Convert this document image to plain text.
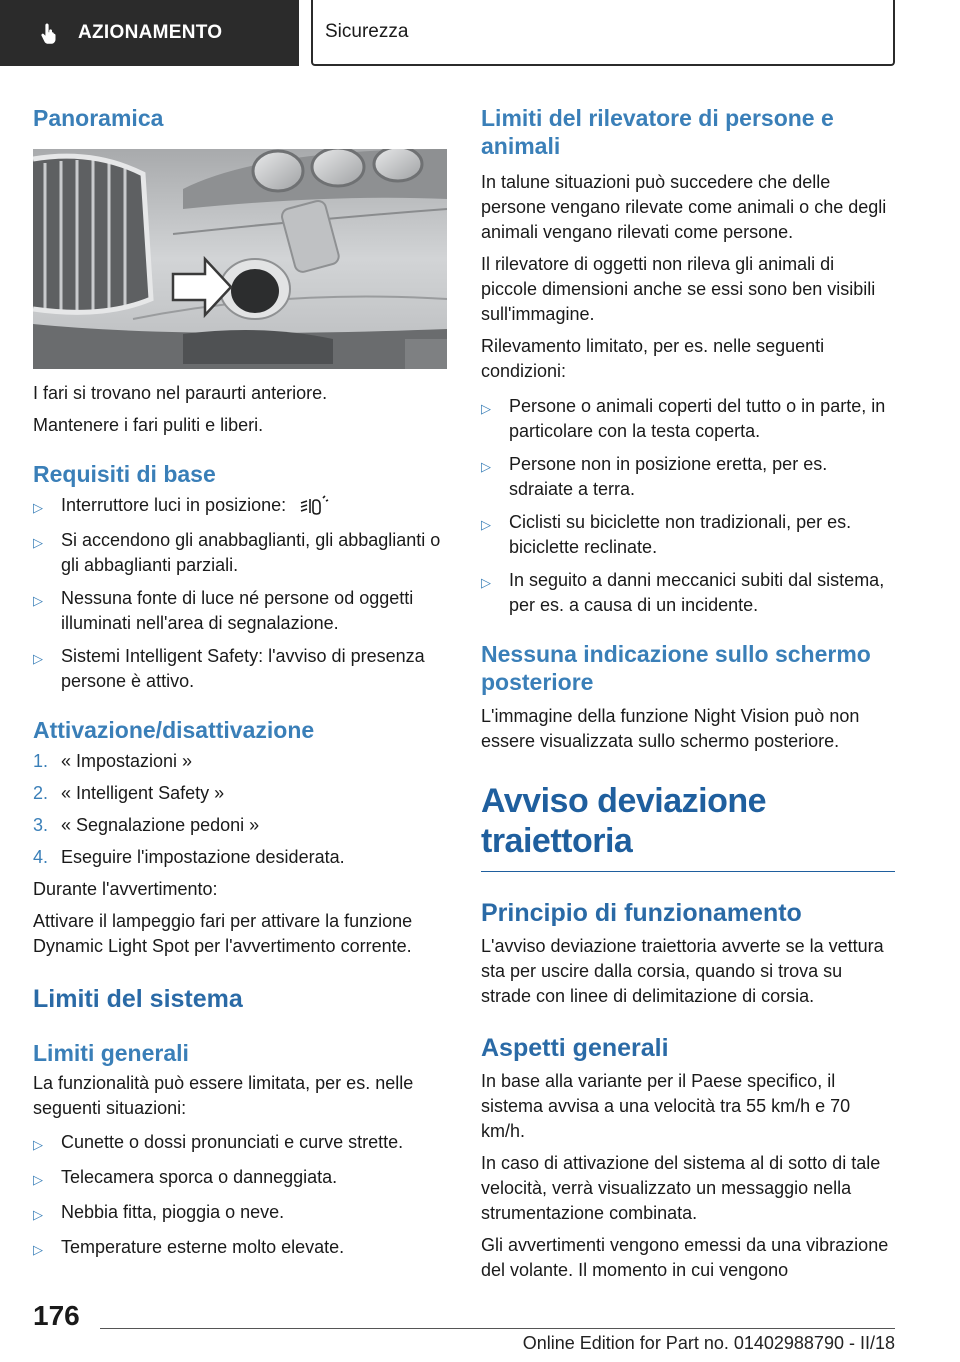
AZIONAMENTO	Sicurezza
Panoramica
I fari si trovano nel paraurti anteriore.
Mantenere i fari puliti e liberi.
Requisiti di base
▷	Interruttore luci in posizione:
▷	Si accendono gli anabbaglianti, gli abbaglianti o gli abbaglianti parziali.
▷	Nessuna fonte di luce né persone od oggetti illuminati nell'area di segnalazione.
▷	Sistemi Intelligent Safety: l'avviso di presenza persone è attivo.
Attivazione/disattivazione
1. « Impostazioni »
2. « Intelligent Safety »
3. « Segnalazione pedoni »
4. Eseguire l'impostazione desiderata.
Durante l'avvertimento:
Attivare il lampeggio fari per attivare la funzione Dynamic Light Spot per l'avvertimento corrente.
Limiti del sistema
Limiti generali
La funzionalità può essere limitata, per es. nelle seguenti situazioni:
▷	Cunette o dossi pronunciati e curve strette.
▷	Telecamera sporca o danneggiata.
▷	Nebbia fitta, pioggia o neve.
▷	Temperature esterne molto elevate.
Limiti del rilevatore di persone e animali
In talune situazioni può succedere che delle persone vengano rilevate come animali o che degli animali vengano rilevati come persone.
Il rilevatore di oggetti non rileva gli animali di piccole dimensioni anche se essi sono ben visibili sull'immagine.
Rilevamento limitato, per es. nelle seguenti condizioni:
▷	Persone o animali coperti del tutto o in parte, in particolare con la testa coperta.
▷	Persone non in posizione eretta, per es. sdraiate a terra.
▷	Ciclisti su biciclette non tradizionali, per es. biciclette reclinate.
▷	In seguito a danni meccanici subiti dal sistema, per es. a causa di un incidente.
Nessuna indicazione sullo schermo posteriore
L'immagine della funzione Night Vision può non essere visualizzata sullo schermo posteriore.
Avviso deviazione traiettoria
Principio di funzionamento
L'avviso deviazione traiettoria avverte se la vettura sta per uscire dalla corsia, quando si trova su strade con linee di delimitazione di corsia.
Aspetti generali
In base alla variante per il Paese specifico, il sistema avvisa a una velocità tra 55 km/h e 70 km/h.
In caso di attivazione del sistema al di sotto di tale velocità, verrà visualizzato un messaggio nella strumentazione combinata.
Gli avvertimenti vengono emessi da una vibrazione del volante. Il momento in cui vengono
176
Online Edition for Part no. 01402988790 - II/18
